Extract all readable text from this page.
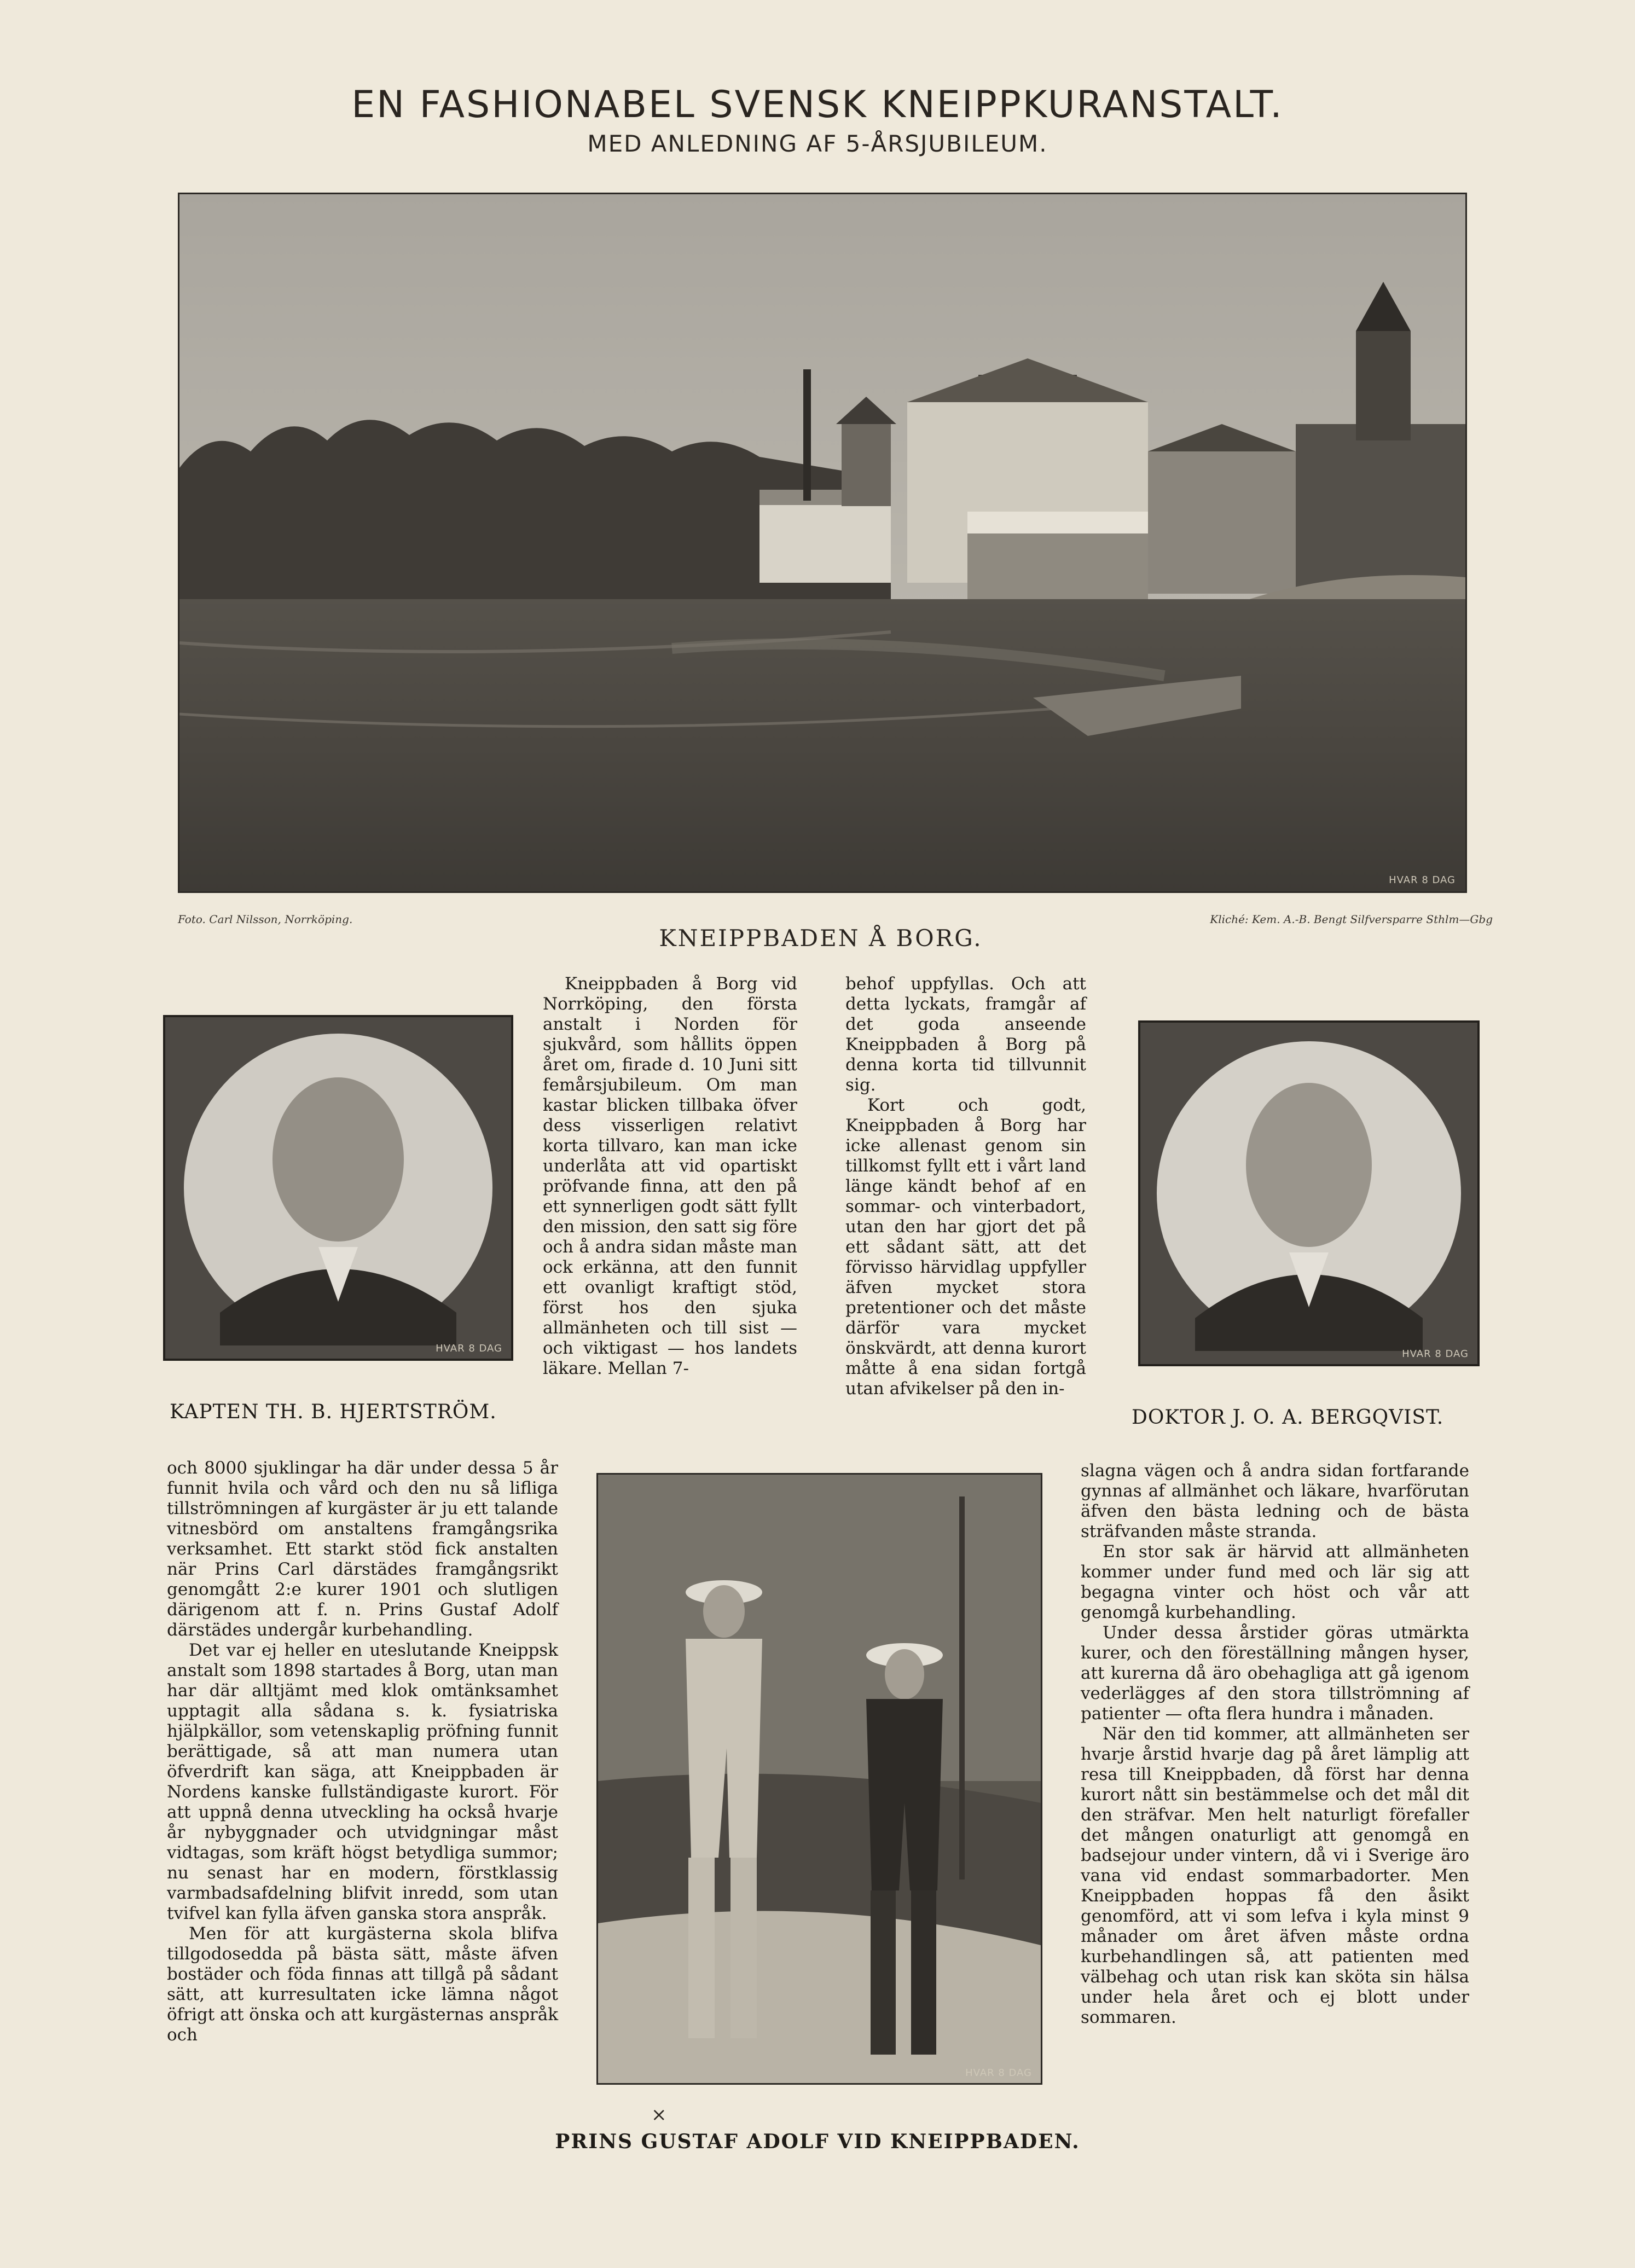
EN FASHIONABEL SVENSK KNEIPPKURANSTALT.
MED ANLEDNING AF 5-ÅRSJUBILEUM.
HVAR 8 DAG
Foto. Carl Nilsson, Norrköping.	Kliché: Kem. A.-B. Bengt Silfversparre Sthlm—Gbg
KNEIPPBADEN Å BORG.
HVAR 8 DAG
KAPTEN TH. B. HJERTSTRÖM.
HVAR 8 DAG
DOKTOR J. O. A. BERGQVIST.

Kneippbaden å Borg vid Norrköping, den första anstalt i Norden för sjukvård, som hållits öppen året om, firade d. 10 Juni sitt femårsjubileum. Om man kastar blicken tillbaka öfver dess visserligen relativt korta tillvaro, kan man icke underlåta att vid opartiskt pröfvande finna, att den på ett synnerligen godt sätt fyllt den mission, den satt sig före och å andra sidan måste man ock erkänna, att den funnit ett ovanligt kraftigt stöd, först hos den sjuka allmänheten och till sist — och viktigast — hos landets läkare. Mellan 7-

behof uppfyllas. Och att detta lyckats, framgår af det goda anseende Kneippbaden å Borg på denna korta tid tillvunnit sig.

Kort och godt, Kneippbaden å Borg har icke allenast genom sin tillkomst fyllt ett i vårt land länge kändt behof af en sommar- och vinterbadort, utan den har gjort det på ett sådant sätt, att det förvisso härvidlag uppfyller äfven mycket stora pretentioner och det måste därför vara mycket önskvärdt, att denna kurort måtte å ena sidan fortgå utan afvikelser på den in-

och 8000 sjuklingar ha där under dessa 5 år funnit hvila och vård och den nu så lifliga tillströmningen af kurgäster är ju ett talande vitnesbörd om anstaltens framgångsrika verksamhet. Ett starkt stöd fick anstalten när Prins Carl därstädes framgångsrikt genomgått 2:e kurer 1901 och slutligen därigenom att f. n. Prins Gustaf Adolf därstädes undergår kurbehandling.

Det var ej heller en uteslutande Kneippsk anstalt som 1898 startades å Borg, utan man har där alltjämt med klok omtänksamhet upptagit alla sådana s. k. fysiatriska hjälpkällor, som vetenskaplig pröfning funnit berättigade, så att man numera utan öfverdrift kan säga, att Kneippbaden är Nordens kanske fullständigaste kurort. För att uppnå denna utveckling ha också hvarje år nybyggnader och utvidgningar måst vidtagas, som kräft högst betydliga summor; nu senast har en modern, förstklassig varmbadsafdelning blifvit inredd, som utan tvifvel kan fylla äfven ganska stora anspråk.

Men för att kurgästerna skola blifva tillgodosedda på bästa sätt, måste äfven bostäder och föda finnas att tillgå på sådant sätt, att kurresultaten icke lämna något öfrigt att önska och att kurgästernas anspråk och

HVAR 8 DAG

slagna vägen och å andra sidan fortfarande gynnas af allmänhet och läkare, hvarförutan äfven den bästa ledning och de bästa sträfvanden måste stranda.

En stor sak är härvid att allmänheten kommer under fund med och lär sig att begagna vinter och höst och vår att genomgå kurbehandling.

Under dessa årstider göras utmärkta kurer, och den föreställning mången hyser, att kurerna då äro obehagliga att gå igenom vederlägges af den stora tillströmning af patienter — ofta flera hundra i månaden.

När den tid kommer, att allmänheten ser hvarje årstid hvarje dag på året lämplig att resa till Kneippbaden, då först har denna kurort nått sin bestämmelse och det mål dit den sträfvar. Men helt naturligt förefaller det mången onaturligt att genomgå en badsejour under vintern, då vi i Sverige äro vana vid endast sommarbadorter. Men Kneippbaden hoppas få den åsikt genomförd, att vi som lefva i kyla minst 9 månader om året äfven måste ordna kurbehandlingen så, att patienten med välbehag och utan risk kan sköta sin hälsa under hela året och ej blott under sommaren.

×
PRINS GUSTAF ADOLF VID KNEIPPBADEN.
